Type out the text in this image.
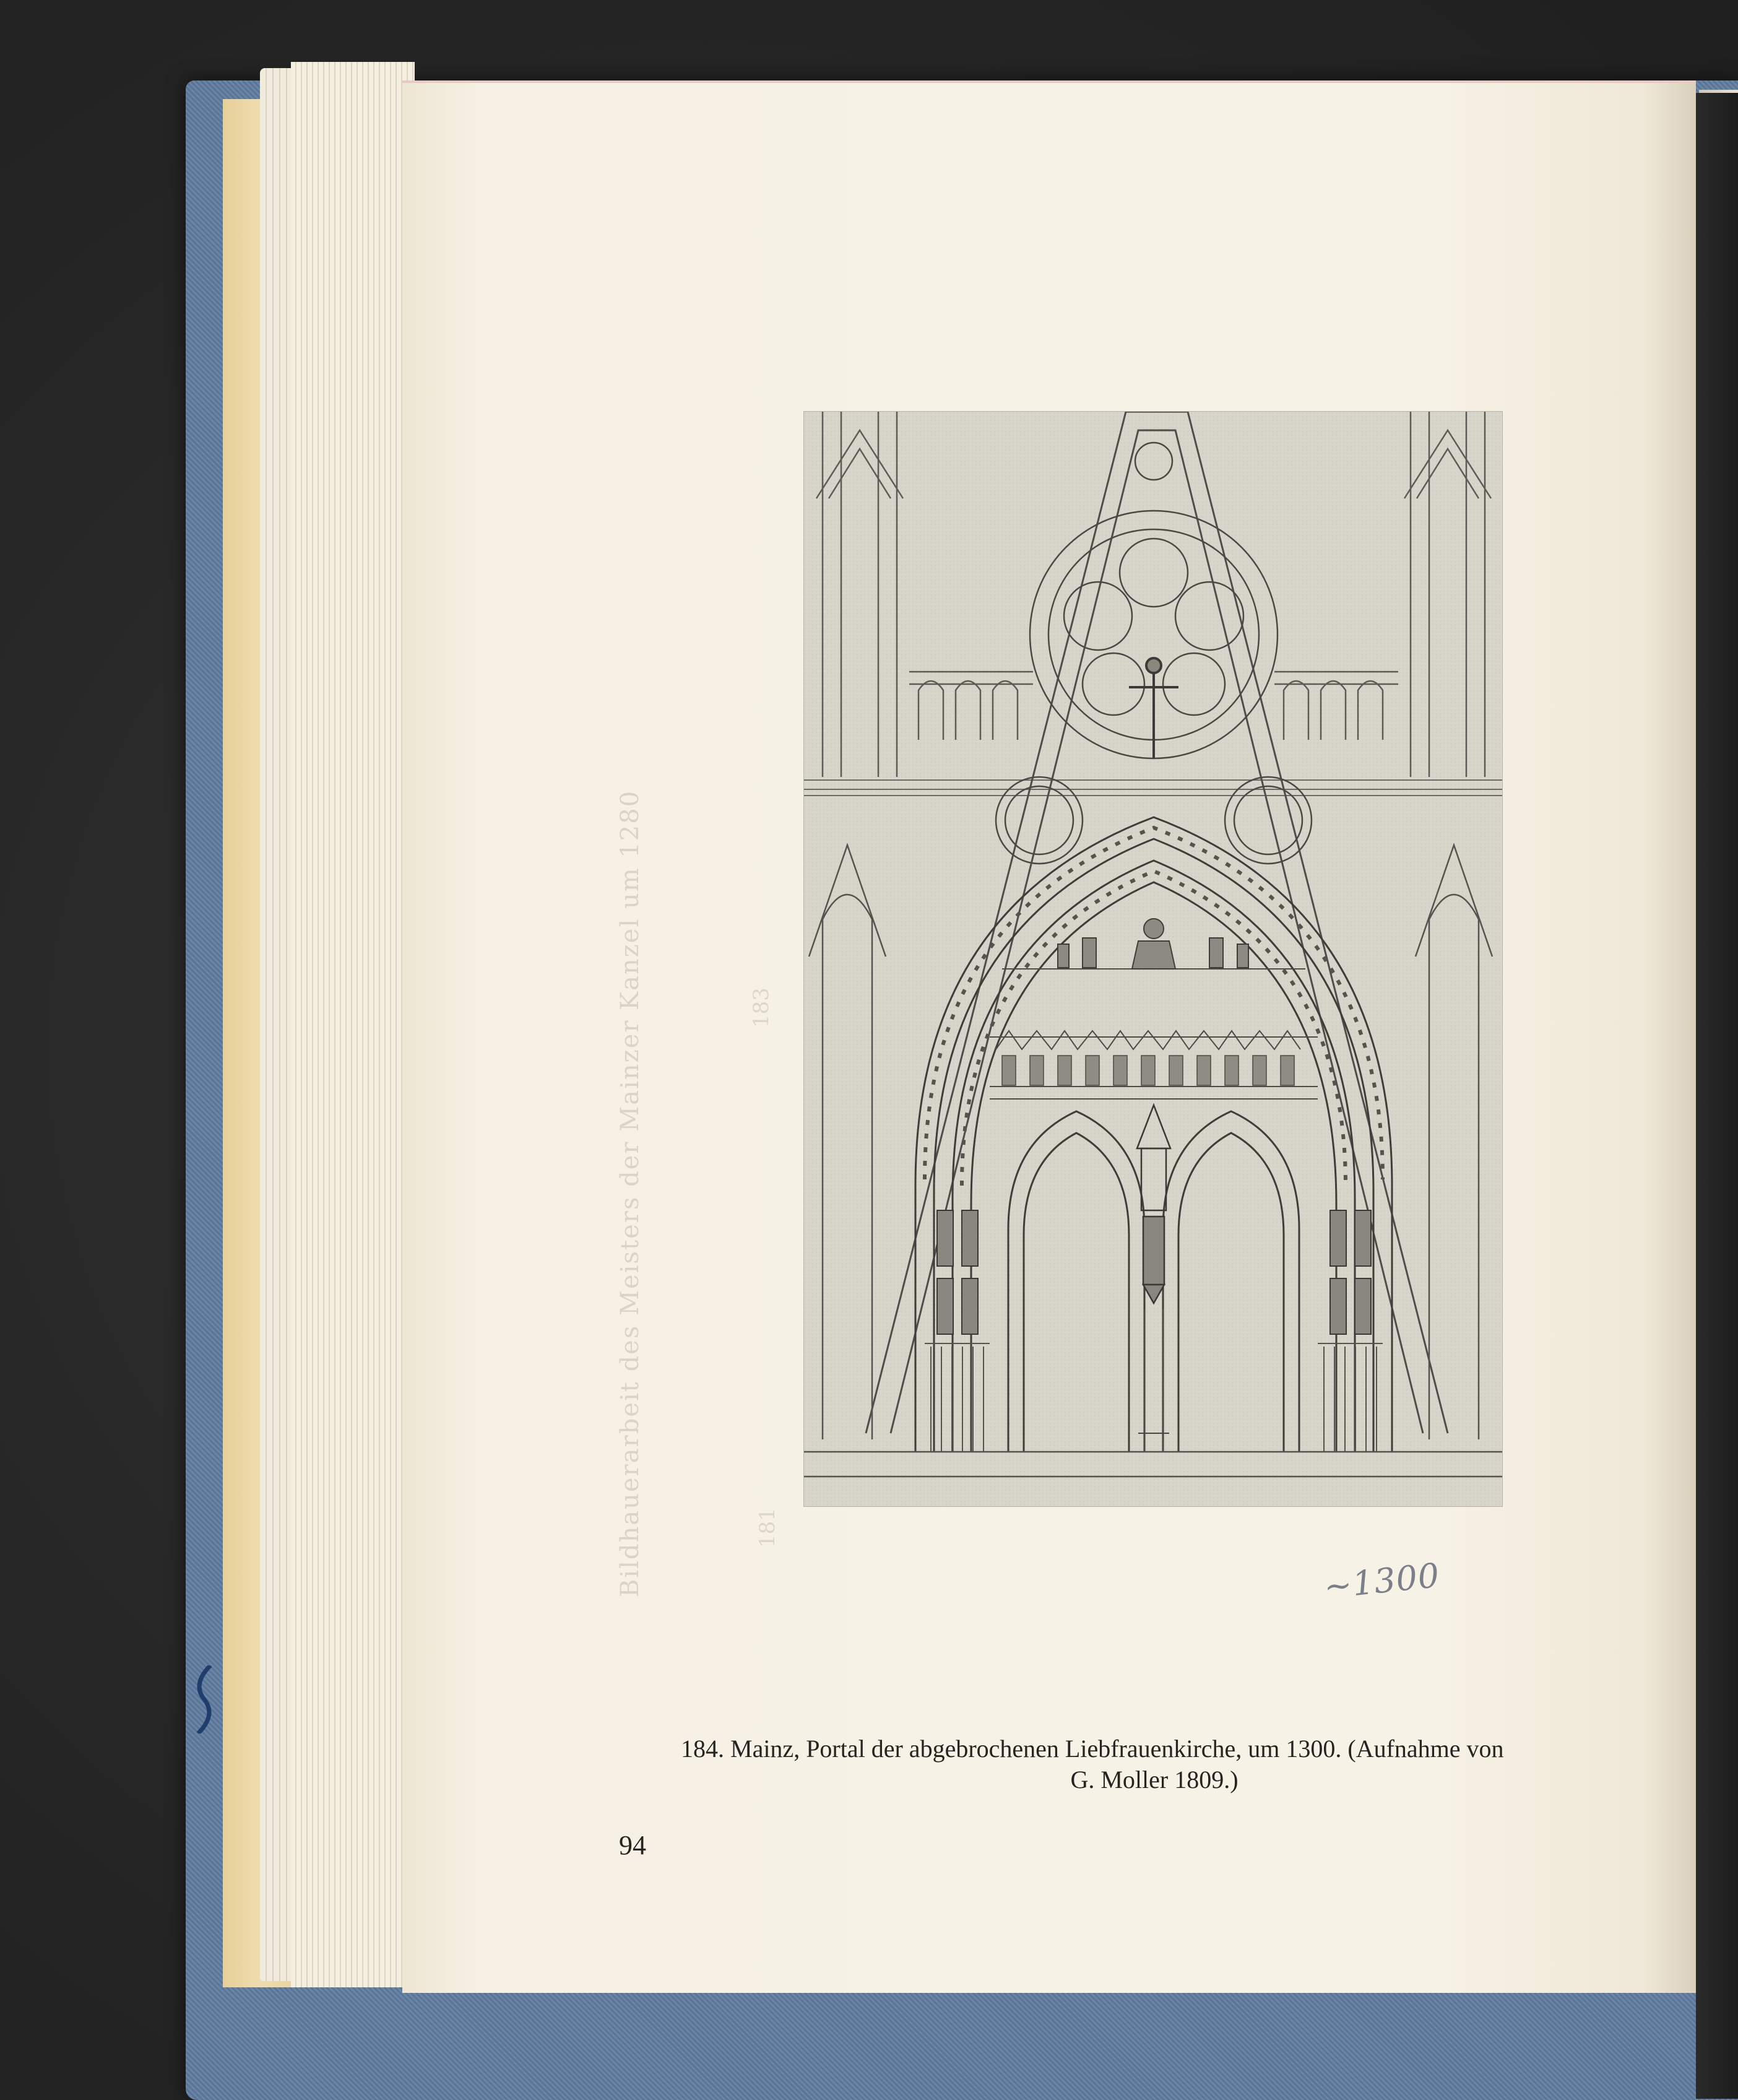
Bildhauerarbeit des Meisters der Mainzer Kanzel um 1280	183
181
~1300
184. Mainz, Portal der abgebrochenen Liebfrauenkirche, um 1300. (Aufnahme von
G. Moller 1809.)
94
